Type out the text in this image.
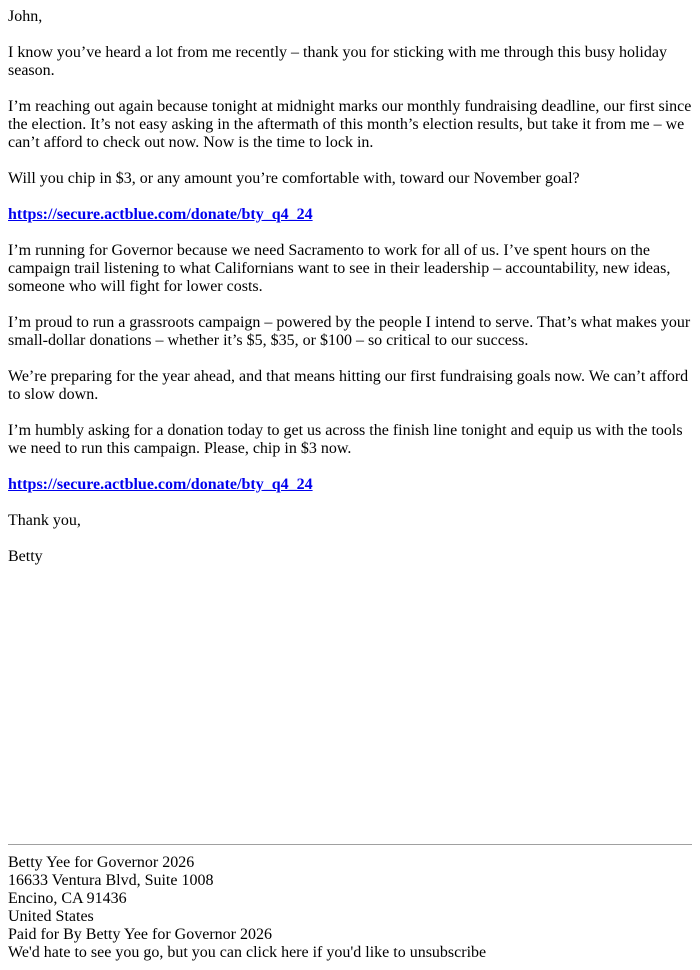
John,

I know you’ve heard a lot from me recently – thank you for sticking with me through this busy holiday season.

I’m reaching out again because tonight at midnight marks our monthly fundraising deadline, our first since the election. It’s not easy asking in the aftermath of this month’s election results, but take it from me – we can’t afford to check out now. Now is the time to lock in.

Will you chip in $3, or any amount you’re comfortable with, toward our November goal?

https://secure.actblue.com/donate/bty_q4_24

I’m running for Governor because we need Sacramento to work for all of us. I’ve spent hours on the campaign trail listening to what Californians want to see in their leadership – accountability, new ideas, someone who will fight for lower costs.

I’m proud to run a grassroots campaign – powered by the people I intend to serve. That’s what makes your small-dollar donations – whether it’s $5, $35, or $100 – so critical to our success.

We’re preparing for the year ahead, and that means hitting our first fundraising goals now. We can’t afford to slow down.

I’m humbly asking for a donation today to get us across the finish line tonight and equip us with the tools we need to run this campaign. Please, chip in $3 now.

https://secure.actblue.com/donate/bty_q4_24

Thank you,

Betty

Betty Yee for Governor 2026

16633 Ventura Blvd, Suite 1008

Encino, CA 91436

United States

Paid for By Betty Yee for Governor 2026

We'd hate to see you go, but you can click here if you'd like to unsubscribe
